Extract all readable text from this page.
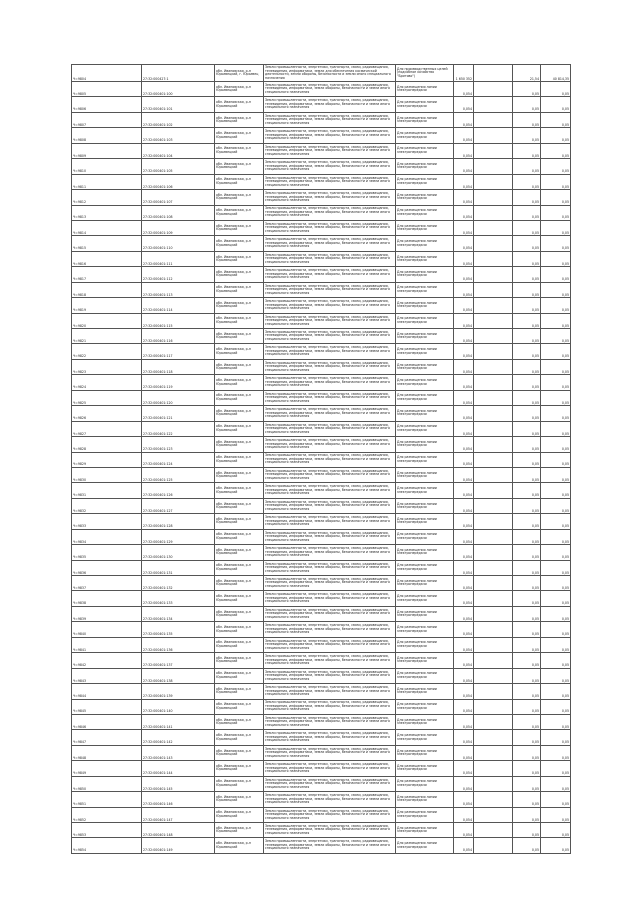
Ч=9804	27:32:000427:1	обл. Ивановская, р-н Юрьевецкий, г. Юрьевец	Земли промышленности, энергетики, транспорта, связи, радиовещания, телевидения, информатики, земли для обеспечения космической деятельности, земли обороны, безопасности и земли иного специального назначения	Для производственных целей (подсобное хозяйство "Бритово")	1 650 352		21,54	40 814,35
Ч=9805	27:32:000401:100	обл. Ивановская, р-н Юрьевецкий	Земли промышленности, энергетики, транспорта, связи, радиовещания, телевидения, информатики, земли обороны, безопасности и земли иного специального назначения	Для размещения линии электропередачи	0,054		0,05	0,05
Ч=9806	27:32:000401:101	обл. Ивановская, р-н Юрьевецкий	Земли промышленности, энергетики, транспорта, связи, радиовещания, телевидения, информатики, земли обороны, безопасности и земли иного специального назначения	Для размещения линии электропередачи	0,054		0,05	0,05
Ч=9807	27:32:000401:102	обл. Ивановская, р-н Юрьевецкий	Земли промышленности, энергетики, транспорта, связи, радиовещания, телевидения, информатики, земли обороны, безопасности и земли иного специального назначения	Для размещения линии электропередачи	0,054		0,05	0,05
Ч=9808	27:32:000401:103	обл. Ивановская, р-н Юрьевецкий	Земли промышленности, энергетики, транспорта, связи, радиовещания, телевидения, информатики, земли обороны, безопасности и земли иного специального назначения	Для размещения линии электропередачи	0,054		0,05	0,05
Ч=9809	27:32:000401:104	обл. Ивановская, р-н Юрьевецкий	Земли промышленности, энергетики, транспорта, связи, радиовещания, телевидения, информатики, земли обороны, безопасности и земли иного специального назначения	Для размещения линии электропередачи	0,054		0,05	0,05
Ч=9810	27:32:000401:105	обл. Ивановская, р-н Юрьевецкий	Земли промышленности, энергетики, транспорта, связи, радиовещания, телевидения, информатики, земли обороны, безопасности и земли иного специального назначения	Для размещения линии электропередачи	0,054		0,05	0,05
Ч=9811	27:32:000401:106	обл. Ивановская, р-н Юрьевецкий	Земли промышленности, энергетики, транспорта, связи, радиовещания, телевидения, информатики, земли обороны, безопасности и земли иного специального назначения	Для размещения линии электропередачи	0,054		0,05	0,05
Ч=9812	27:32:000401:107	обл. Ивановская, р-н Юрьевецкий	Земли промышленности, энергетики, транспорта, связи, радиовещания, телевидения, информатики, земли обороны, безопасности и земли иного специального назначения	Для размещения линии электропередачи	0,054		0,05	0,05
Ч=9813	27:32:000401:108	обл. Ивановская, р-н Юрьевецкий	Земли промышленности, энергетики, транспорта, связи, радиовещания, телевидения, информатики, земли обороны, безопасности и земли иного специального назначения	Для размещения линии электропередачи	0,054		0,05	0,05
Ч=9814	27:32:000401:109	обл. Ивановская, р-н Юрьевецкий	Земли промышленности, энергетики, транспорта, связи, радиовещания, телевидения, информатики, земли обороны, безопасности и земли иного специального назначения	Для размещения линии электропередачи	0,054		0,05	0,05
Ч=9815	27:32:000401:110	обл. Ивановская, р-н Юрьевецкий	Земли промышленности, энергетики, транспорта, связи, радиовещания, телевидения, информатики, земли обороны, безопасности и земли иного специального назначения	Для размещения линии электропередачи	0,054		0,05	0,05
Ч=9816	27:32:000401:111	обл. Ивановская, р-н Юрьевецкий	Земли промышленности, энергетики, транспорта, связи, радиовещания, телевидения, информатики, земли обороны, безопасности и земли иного специального назначения	Для размещения линии электропередачи	0,054		0,05	0,05
Ч=9817	27:32:000401:112	обл. Ивановская, р-н Юрьевецкий	Земли промышленности, энергетики, транспорта, связи, радиовещания, телевидения, информатики, земли обороны, безопасности и земли иного специального назначения	Для размещения линии электропередачи	0,054		0,05	0,05
Ч=9818	27:32:000401:113	обл. Ивановская, р-н Юрьевецкий	Земли промышленности, энергетики, транспорта, связи, радиовещания, телевидения, информатики, земли обороны, безопасности и земли иного специального назначения	Для размещения линии электропередачи	0,054		0,05	0,05
Ч=9819	27:32:000401:114	обл. Ивановская, р-н Юрьевецкий	Земли промышленности, энергетики, транспорта, связи, радиовещания, телевидения, информатики, земли обороны, безопасности и земли иного специального назначения	Для размещения линии электропередачи	0,054		0,05	0,05
Ч=9820	27:32:000401:115	обл. Ивановская, р-н Юрьевецкий	Земли промышленности, энергетики, транспорта, связи, радиовещания, телевидения, информатики, земли обороны, безопасности и земли иного специального назначения	Для размещения линии электропередачи	0,054		0,05	0,05
Ч=9821	27:32:000401:116	обл. Ивановская, р-н Юрьевецкий	Земли промышленности, энергетики, транспорта, связи, радиовещания, телевидения, информатики, земли обороны, безопасности и земли иного специального назначения	Для размещения линии электропередачи	0,054		0,05	0,05
Ч=9822	27:32:000401:117	обл. Ивановская, р-н Юрьевецкий	Земли промышленности, энергетики, транспорта, связи, радиовещания, телевидения, информатики, земли обороны, безопасности и земли иного специального назначения	Для размещения линии электропередачи	0,054		0,05	0,05
Ч=9823	27:32:000401:118	обл. Ивановская, р-н Юрьевецкий	Земли промышленности, энергетики, транспорта, связи, радиовещания, телевидения, информатики, земли обороны, безопасности и земли иного специального назначения	Для размещения линии электропередачи	0,054		0,05	0,05
Ч=9824	27:32:000401:119	обл. Ивановская, р-н Юрьевецкий	Земли промышленности, энергетики, транспорта, связи, радиовещания, телевидения, информатики, земли обороны, безопасности и земли иного специального назначения	Для размещения линии электропередачи	0,054		0,05	0,05
Ч=9825	27:32:000401:120	обл. Ивановская, р-н Юрьевецкий	Земли промышленности, энергетики, транспорта, связи, радиовещания, телевидения, информатики, земли обороны, безопасности и земли иного специального назначения	Для размещения линии электропередачи	0,054		0,05	0,05
Ч=9826	27:32:000401:121	обл. Ивановская, р-н Юрьевецкий	Земли промышленности, энергетики, транспорта, связи, радиовещания, телевидения, информатики, земли обороны, безопасности и земли иного специального назначения	Для размещения линии электропередачи	0,054		0,05	0,05
Ч=9827	27:32:000401:122	обл. Ивановская, р-н Юрьевецкий	Земли промышленности, энергетики, транспорта, связи, радиовещания, телевидения, информатики, земли обороны, безопасности и земли иного специального назначения	Для размещения линии электропередачи	0,054		0,05	0,05
Ч=9828	27:32:000401:123	обл. Ивановская, р-н Юрьевецкий	Земли промышленности, энергетики, транспорта, связи, радиовещания, телевидения, информатики, земли обороны, безопасности и земли иного специального назначения	Для размещения линии электропередачи	0,054		0,05	0,05
Ч=9829	27:32:000401:124	обл. Ивановская, р-н Юрьевецкий	Земли промышленности, энергетики, транспорта, связи, радиовещания, телевидения, информатики, земли обороны, безопасности и земли иного специального назначения	Для размещения линии электропередачи	0,054		0,05	0,05
Ч=9830	27:32:000401:125	обл. Ивановская, р-н Юрьевецкий	Земли промышленности, энергетики, транспорта, связи, радиовещания, телевидения, информатики, земли обороны, безопасности и земли иного специального назначения	Для размещения линии электропередачи	0,054		0,05	0,05
Ч=9831	27:32:000401:126	обл. Ивановская, р-н Юрьевецкий	Земли промышленности, энергетики, транспорта, связи, радиовещания, телевидения, информатики, земли обороны, безопасности и земли иного специального назначения	Для размещения линии электропередачи	0,054		0,05	0,05
Ч=9832	27:32:000401:127	обл. Ивановская, р-н Юрьевецкий	Земли промышленности, энергетики, транспорта, связи, радиовещания, телевидения, информатики, земли обороны, безопасности и земли иного специального назначения	Для размещения линии электропередачи	0,054		0,05	0,05
Ч=9833	27:32:000401:128	обл. Ивановская, р-н Юрьевецкий	Земли промышленности, энергетики, транспорта, связи, радиовещания, телевидения, информатики, земли обороны, безопасности и земли иного специального назначения	Для размещения линии электропередачи	0,054		0,05	0,05
Ч=9834	27:32:000401:129	обл. Ивановская, р-н Юрьевецкий	Земли промышленности, энергетики, транспорта, связи, радиовещания, телевидения, информатики, земли обороны, безопасности и земли иного специального назначения	Для размещения линии электропередачи	0,054		0,05	0,05
Ч=9835	27:32:000401:130	обл. Ивановская, р-н Юрьевецкий	Земли промышленности, энергетики, транспорта, связи, радиовещания, телевидения, информатики, земли обороны, безопасности и земли иного специального назначения	Для размещения линии электропередачи	0,054		0,05	0,05
Ч=9836	27:32:000401:131	обл. Ивановская, р-н Юрьевецкий	Земли промышленности, энергетики, транспорта, связи, радиовещания, телевидения, информатики, земли обороны, безопасности и земли иного специального назначения	Для размещения линии электропередачи	0,054		0,05	0,05
Ч=9837	27:32:000401:132	обл. Ивановская, р-н Юрьевецкий	Земли промышленности, энергетики, транспорта, связи, радиовещания, телевидения, информатики, земли обороны, безопасности и земли иного специального назначения	Для размещения линии электропередачи	0,054		0,05	0,05
Ч=9838	27:32:000401:133	обл. Ивановская, р-н Юрьевецкий	Земли промышленности, энергетики, транспорта, связи, радиовещания, телевидения, информатики, земли обороны, безопасности и земли иного специального назначения	Для размещения линии электропередачи	0,054		0,05	0,05
Ч=9839	27:32:000401:134	обл. Ивановская, р-н Юрьевецкий	Земли промышленности, энергетики, транспорта, связи, радиовещания, телевидения, информатики, земли обороны, безопасности и земли иного специального назначения	Для размещения линии электропередачи	0,054		0,05	0,05
Ч=9840	27:32:000401:135	обл. Ивановская, р-н Юрьевецкий	Земли промышленности, энергетики, транспорта, связи, радиовещания, телевидения, информатики, земли обороны, безопасности и земли иного специального назначения	Для размещения линии электропередачи	0,054		0,05	0,05
Ч=9841	27:32:000401:136	обл. Ивановская, р-н Юрьевецкий	Земли промышленности, энергетики, транспорта, связи, радиовещания, телевидения, информатики, земли обороны, безопасности и земли иного специального назначения	Для размещения линии электропередачи	0,054		0,05	0,05
Ч=9842	27:32:000401:137	обл. Ивановская, р-н Юрьевецкий	Земли промышленности, энергетики, транспорта, связи, радиовещания, телевидения, информатики, земли обороны, безопасности и земли иного специального назначения	Для размещения линии электропередачи	0,054		0,05	0,05
Ч=9843	27:32:000401:138	обл. Ивановская, р-н Юрьевецкий	Земли промышленности, энергетики, транспорта, связи, радиовещания, телевидения, информатики, земли обороны, безопасности и земли иного специального назначения	Для размещения линии электропередачи	0,054		0,05	0,05
Ч=9844	27:32:000401:139	обл. Ивановская, р-н Юрьевецкий	Земли промышленности, энергетики, транспорта, связи, радиовещания, телевидения, информатики, земли обороны, безопасности и земли иного специального назначения	Для размещения линии электропередачи	0,054		0,05	0,05
Ч=9845	27:32:000401:140	обл. Ивановская, р-н Юрьевецкий	Земли промышленности, энергетики, транспорта, связи, радиовещания, телевидения, информатики, земли обороны, безопасности и земли иного специального назначения	Для размещения линии электропередачи	0,054		0,05	0,05
Ч=9846	27:32:000401:141	обл. Ивановская, р-н Юрьевецкий	Земли промышленности, энергетики, транспорта, связи, радиовещания, телевидения, информатики, земли обороны, безопасности и земли иного специального назначения	Для размещения линии электропередачи	0,054		0,05	0,05
Ч=9847	27:32:000401:142	обл. Ивановская, р-н Юрьевецкий	Земли промышленности, энергетики, транспорта, связи, радиовещания, телевидения, информатики, земли обороны, безопасности и земли иного специального назначения	Для размещения линии электропередачи	0,054		0,05	0,05
Ч=9848	27:32:000401:143	обл. Ивановская, р-н Юрьевецкий	Земли промышленности, энергетики, транспорта, связи, радиовещания, телевидения, информатики, земли обороны, безопасности и земли иного специального назначения	Для размещения линии электропередачи	0,054		0,05	0,05
Ч=9849	27:32:000401:144	обл. Ивановская, р-н Юрьевецкий	Земли промышленности, энергетики, транспорта, связи, радиовещания, телевидения, информатики, земли обороны, безопасности и земли иного специального назначения	Для размещения линии электропередачи	0,054		0,05	0,05
Ч=9850	27:32:000401:145	обл. Ивановская, р-н Юрьевецкий	Земли промышленности, энергетики, транспорта, связи, радиовещания, телевидения, информатики, земли обороны, безопасности и земли иного специального назначения	Для размещения линии электропередачи	0,054		0,05	0,05
Ч=9851	27:32:000401:146	обл. Ивановская, р-н Юрьевецкий	Земли промышленности, энергетики, транспорта, связи, радиовещания, телевидения, информатики, земли обороны, безопасности и земли иного специального назначения	Для размещения линии электропередачи	0,054		0,05	0,05
Ч=9852	27:32:000401:147	обл. Ивановская, р-н Юрьевецкий	Земли промышленности, энергетики, транспорта, связи, радиовещания, телевидения, информатики, земли обороны, безопасности и земли иного специального назначения	Для размещения линии электропередачи	0,054		0,05	0,05
Ч=9853	27:32:000401:148	обл. Ивановская, р-н Юрьевецкий	Земли промышленности, энергетики, транспорта, связи, радиовещания, телевидения, информатики, земли обороны, безопасности и земли иного специального назначения	Для размещения линии электропередачи	0,054		0,05	0,05
Ч=9854	27:32:000401:149	обл. Ивановская, р-н Юрьевецкий	Земли промышленности, энергетики, транспорта, связи, радиовещания, телевидения, информатики, земли обороны, безопасности и земли иного специального назначения	Для размещения линии электропередачи	0,054		0,05	0,05
